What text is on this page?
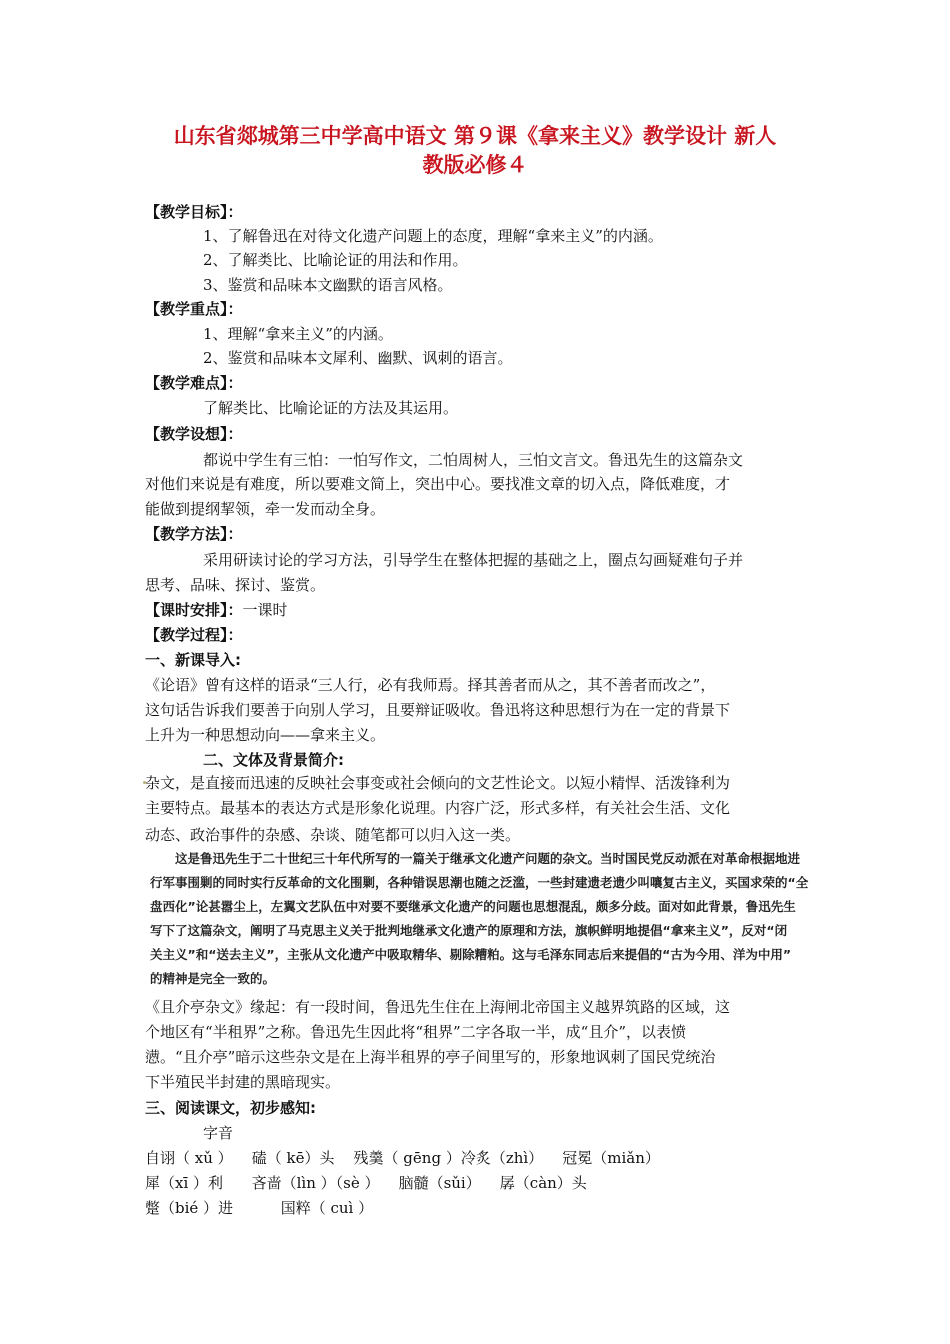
山东省郯城第三中学高中语文 第９课《拿来主义》教学设计 新人
教版必修４
【教学目标】：
1、了解鲁迅在对待文化遗产问题上的态度，理解“拿来主义”的内涵。
2、了解类比、比喻论证的用法和作用。
3、鉴赏和品味本文幽默的语言风格。
【教学重点】：
1、理解“拿来主义”的内涵。
2、鉴赏和品味本文犀利、幽默、讽刺的语言。
【教学难点】：
了解类比、比喻论证的方法及其运用。
【教学设想】：
都说中学生有三怕：一怕写作文，二怕周树人，三怕文言文。鲁迅先生的这篇杂文
对他们来说是有难度，所以要难文简上，突出中心。要找准文章的切入点，降低难度，才
能做到提纲挈领，牵一发而动全身。
【教学方法】：
采用研读讨论的学习方法，引导学生在整体把握的基础之上，圈点勾画疑难句子并
思考、品味、探讨、鉴赏。
【课时安排】：一课时
【教学过程】：
一、新课导入:
《论语》曾有这样的语录“三人行，必有我师焉。择其善者而从之，其不善者而改之”，
这句话告诉我们要善于向别人学习，且要辩证吸收。鲁迅将这种思想行为在一定的背景下
上升为一种思想动向——拿来主义。
二、文体及背景简介:
杂文，是直接而迅速的反映社会事变或社会倾向的文艺性论文。以短小精悍、活泼锋利为
主要特点。最基本的表达方式是形象化说理。内容广泛，形式多样，有关社会生活、文化
动态、政治事件的杂感、杂谈、随笔都可以归入这一类。
这是鲁迅先生于二十世纪三十年代所写的一篇关于继承文化遗产问题的杂文。当时国民党反动派在对革命根据地进
行军事围剿的同时实行反革命的文化围剿，各种错误思潮也随之泛滥，一些封建遗老遗少叫嚷复古主义，买国求荣的“全
盘西化”论甚嚣尘上，左翼文艺队伍中对要不要继承文化遗产的问题也思想混乱，颇多分歧。面对如此背景，鲁迅先生
写下了这篇杂文，阐明了马克思主义关于批判地继承文化遗产的原理和方法，旗帜鲜明地提倡“拿来主义”，反对“闭
关主义”和“送去主义”，主张从文化遗产中吸取精华、剔除糟粕。这与毛泽东同志后来提倡的“古为今用、洋为中用”
的精神是完全一致的。
《且介亭杂文》缘起：有一段时间，鲁迅先生住在上海闸北帝国主义越界筑路的区域，这
个地区有“半租界”之称。鲁迅先生因此将“租界”二字各取一半，成“且介”，以表愤
懑。“且介亭”暗示这些杂文是在上海半租界的亭子间里写的，形象地讽刺了国民党统治
下半殖民半封建的黑暗现实。
三、阅读课文，初步感知:
字音
自诩（ xǔ ）    磕（ kē）头    残羹（ gēng ）冷炙（zhì）    冠冕（miǎn）
犀（xī ）利      吝啬（lìn ）（sè ）    脑髓（sǔi）    孱（càn）头
蹩（bié ）进          国粹（ cuì ）
